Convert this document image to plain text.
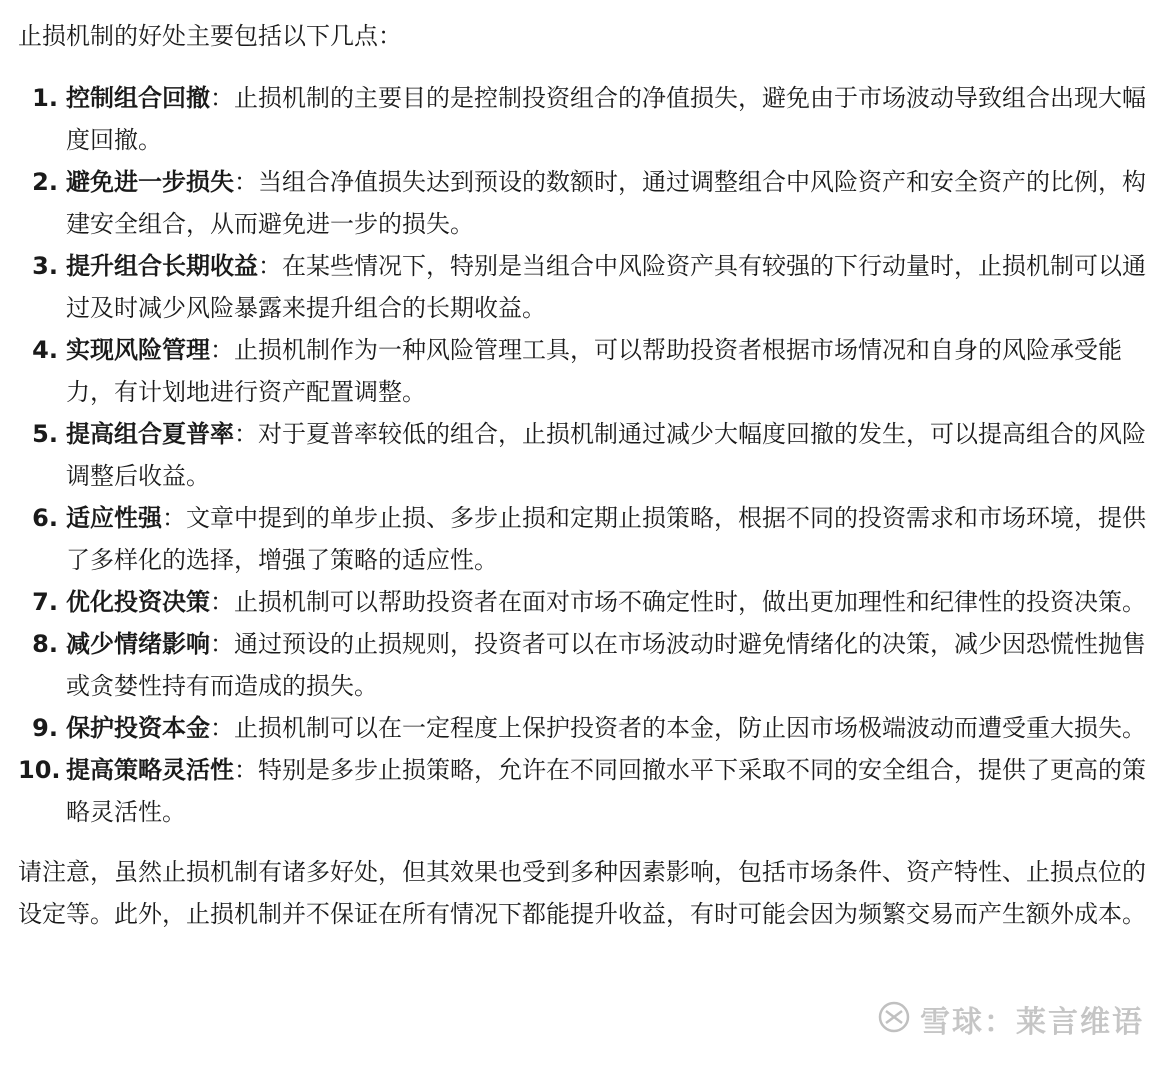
止损机制的好处主要包括以下几点：

1. 控制组合回撤：止损机制的主要目的是控制投资组合的净值损失，避免由于市场波动导致组合出现大幅度回撤。
2. 避免进一步损失：当组合净值损失达到预设的数额时，通过调整组合中风险资产和安全资产的比例，构建安全组合，从而避免进一步的损失。
3. 提升组合长期收益：在某些情况下，特别是当组合中风险资产具有较强的下行动量时，止损机制可以通过及时减少风险暴露来提升组合的长期收益。
4. 实现风险管理：止损机制作为一种风险管理工具，可以帮助投资者根据市场情况和自身的风险承受能力，有计划地进行资产配置调整。
5. 提高组合夏普率：对于夏普率较低的组合，止损机制通过减少大幅度回撤的发生，可以提高组合的风险调整后收益。
6. 适应性强：文章中提到的单步止损、多步止损和定期止损策略，根据不同的投资需求和市场环境，提供了多样化的选择，增强了策略的适应性。
7. 优化投资决策：止损机制可以帮助投资者在面对市场不确定性时，做出更加理性和纪律性的投资决策。
8. 减少情绪影响：通过预设的止损规则，投资者可以在市场波动时避免情绪化的决策，减少因恐慌性抛售或贪婪性持有而造成的损失。
9. 保护投资本金：止损机制可以在一定程度上保护投资者的本金，防止因市场极端波动而遭受重大损失。
10. 提高策略灵活性：特别是多步止损策略，允许在不同回撤水平下采取不同的安全组合，提供了更高的策略灵活性。

请注意，虽然止损机制有诸多好处，但其效果也受到多种因素影响，包括市场条件、资产特性、止损点位的设定等。此外，止损机制并不保证在所有情况下都能提升收益，有时可能会因为频繁交易而产生额外成本。

雪球：莱言维语
